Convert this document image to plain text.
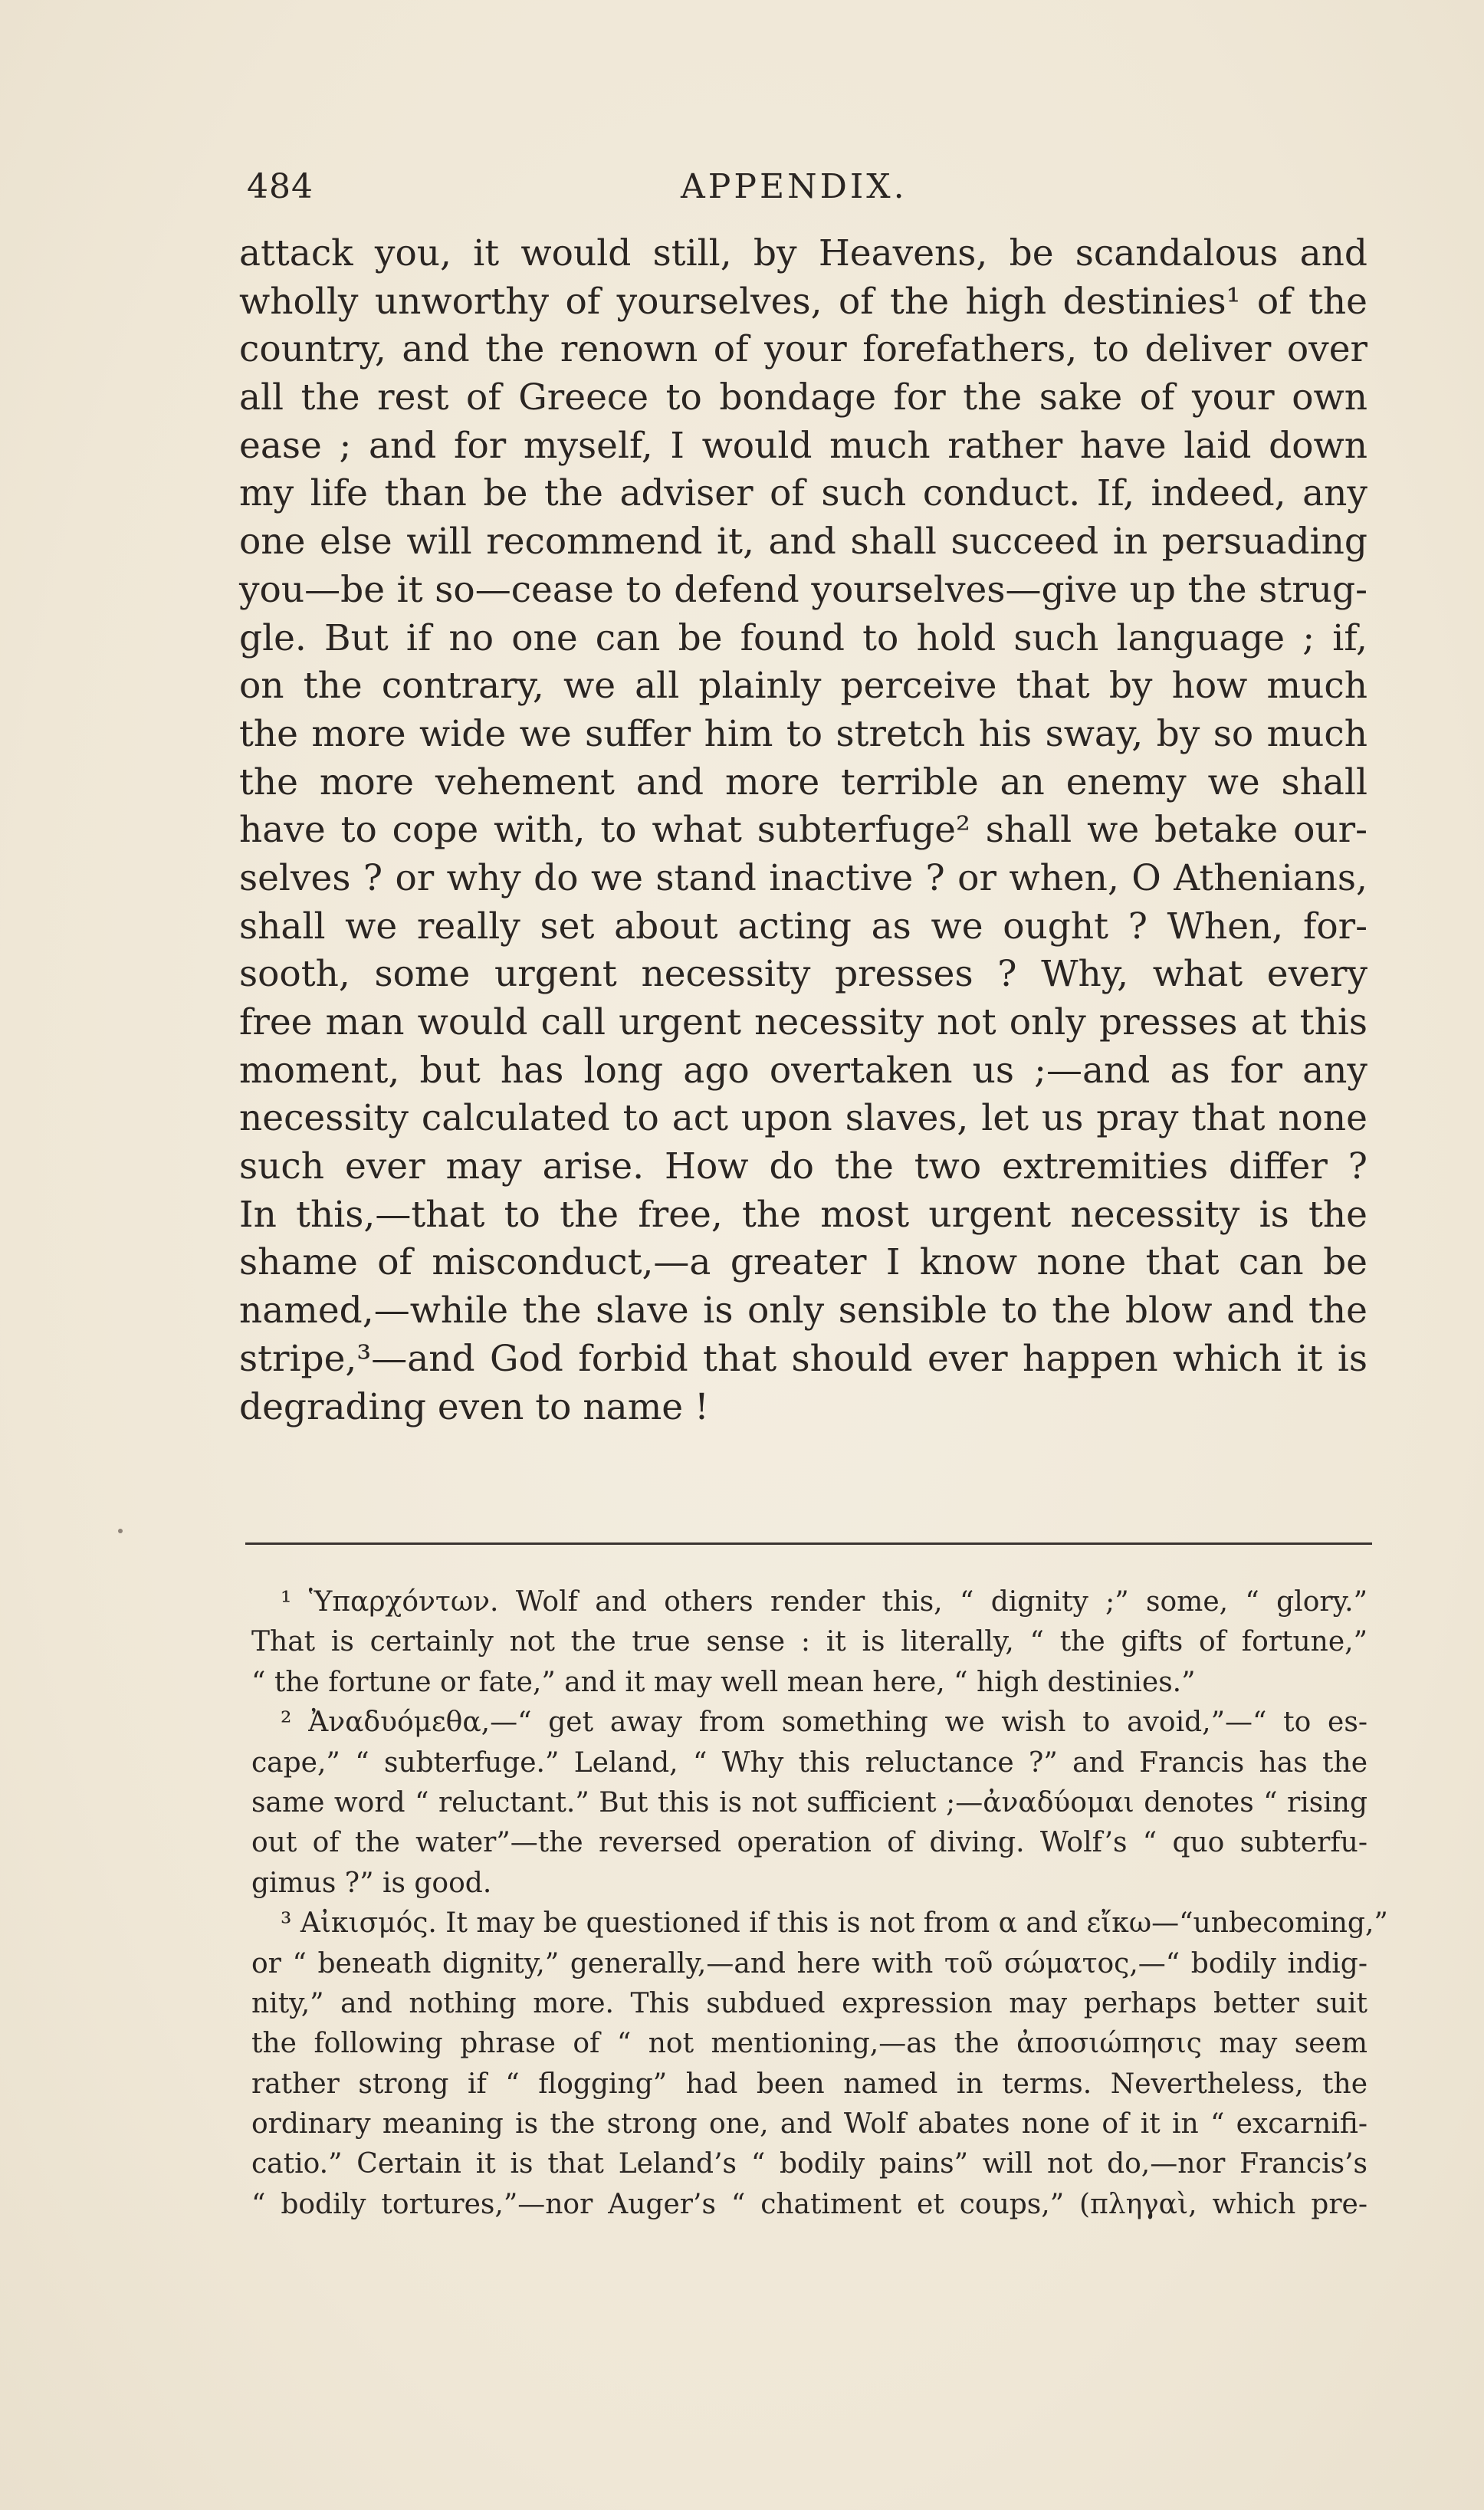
484	APPENDIX.
attack you, it would still, by Heavens, be scandalous and
wholly unworthy of yourselves, of the high destinies¹ of the
country, and the renown of your forefathers, to deliver over
all the rest of Greece to bondage for the sake of your own
ease ; and for myself, I would much rather have laid down
my life than be the adviser of such conduct. If, indeed, any
one else will recommend it, and shall succeed in persuading
you—be it so—cease to defend yourselves—give up the strug-
gle. But if no one can be found to hold such language ; if,
on the contrary, we all plainly perceive that by how much
the more wide we suffer him to stretch his sway, by so much
the more vehement and more terrible an enemy we shall
have to cope with, to what subterfuge² shall we betake our-
selves ? or why do we stand inactive ? or when, O Athenians,
shall we really set about acting as we ought ? When, for-
sooth, some urgent necessity presses ? Why, what every
free man would call urgent necessity not only presses at this
moment, but has long ago overtaken us ;—and as for any
necessity calculated to act upon slaves, let us pray that none
such ever may arise. How do the two extremities differ ?
In this,—that to the free, the most urgent necessity is the
shame of misconduct,—a greater I know none that can be
named,—while the slave is only sensible to the blow and the
stripe,³—and God forbid that should ever happen which it is
degrading even to name !
¹ Ὑπαρχόντων. Wolf and others render this, “ dignity ;” some, “ glory.”
That is certainly not the true sense : it is literally, “ the gifts of fortune,”
“ the fortune or fate,” and it may well mean here, “ high destinies.”
² Ἀναδυόμεθα,—“ get away from something we wish to avoid,”—“ to es-
cape,” “ subterfuge.” Leland, “ Why this reluctance ?” and Francis has the
same word “ reluctant.” But this is not sufficient ;—ἀναδύομαι denotes “ rising
out of the water”—the reversed operation of diving. Wolf’s “ quo subterfu-
gimus ?” is good.
³ Αἰκισμός. It may be questioned if this is not from α and εἴκω—“unbecoming,”
or “ beneath dignity,” generally,—and here with τοῦ σώματος,—“ bodily indig-
nity,” and nothing more. This subdued expression may perhaps better suit
the following phrase of “ not mentioning,—as the ἀποσιώπησις may seem
rather strong if “ flogging” had been named in terms. Nevertheless, the
ordinary meaning is the strong one, and Wolf abates none of it in “ excarnifi-
catio.” Certain it is that Leland’s “ bodily pains” will not do,—nor Francis’s
“ bodily tortures,”—nor Auger’s “ chatiment et coups,” (πληγαὶ, which pre-
